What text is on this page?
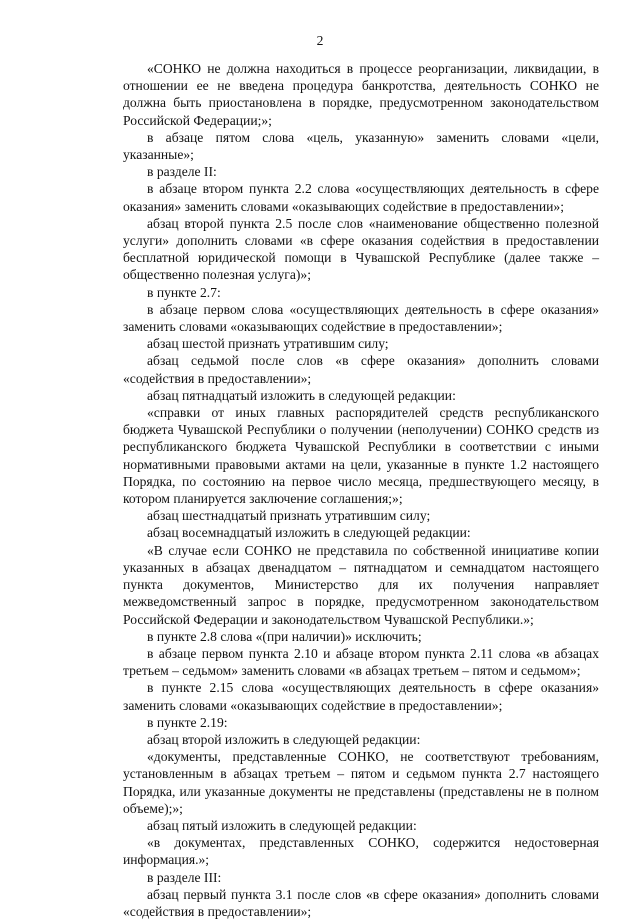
2

«СОНКО не должна находиться в процессе реорганизации, ликвидации, в отношении ее не введена процедура банкротства, деятельность СОНКО не должна быть приостановлена в порядке, предусмотренном законодательством Российской Федерации;»;

в абзаце пятом слова «цель, указанную» заменить словами «цели, указанные»;

в разделе II:

в абзаце втором пункта 2.2 слова «осуществляющих деятельность в сфере оказания» заменить словами «оказывающих содействие в предоставлении»;

абзац второй пункта 2.5 после слов «наименование общественно полезной услуги» дополнить словами «в сфере оказания содействия в предоставлении бесплатной юридической помощи в Чувашской Республике (далее также – общественно полезная услуга)»;

в пункте 2.7:

в абзаце первом слова «осуществляющих деятельность в сфере оказания» заменить словами «оказывающих содействие в предоставлении»;

абзац шестой признать утратившим силу;

абзац седьмой после слов «в сфере оказания» дополнить словами «содействия в предоставлении»;

абзац пятнадцатый изложить в следующей редакции:

«справки от иных главных распорядителей средств республиканского бюджета Чувашской Республики о получении (неполучении) СОНКО средств из республиканского бюджета Чувашской Республики в соответствии с иными нормативными правовыми актами на цели, указанные в пункте 1.2 настоящего Порядка, по состоянию на первое число месяца, предшествующего месяцу, в котором планируется заключение соглашения;»;

абзац шестнадцатый признать утратившим силу;

абзац восемнадцатый изложить в следующей редакции:

«В случае если СОНКО не представила по собственной инициативе копии указанных в абзацах двенадцатом – пятнадцатом и семнадцатом настоящего пункта документов, Министерство для их получения направляет межведомственный запрос в порядке, предусмотренном законодательством Российской Федерации и законодательством Чувашской Республики.»;

в пункте 2.8 слова «(при наличии)» исключить;

в абзаце первом пункта 2.10 и абзаце втором пункта 2.11 слова «в абзацах третьем – седьмом» заменить словами «в абзацах третьем – пятом и седьмом»;

в пункте 2.15 слова «осуществляющих деятельность в сфере оказания» заменить словами «оказывающих содействие в предоставлении»;

в пункте 2.19:

абзац второй изложить в следующей редакции:

«документы, представленные СОНКО, не соответствуют требованиям, установленным в абзацах третьем – пятом и седьмом пункта 2.7 настоящего Порядка, или указанные документы не представлены (представлены не в полном объеме);»;

абзац пятый изложить в следующей редакции:

«в документах, представленных СОНКО, содержится недостоверная информация.»;

в разделе III:

абзац первый пункта 3.1 после слов «в сфере оказания» дополнить словами «содействия в предоставлении»;
